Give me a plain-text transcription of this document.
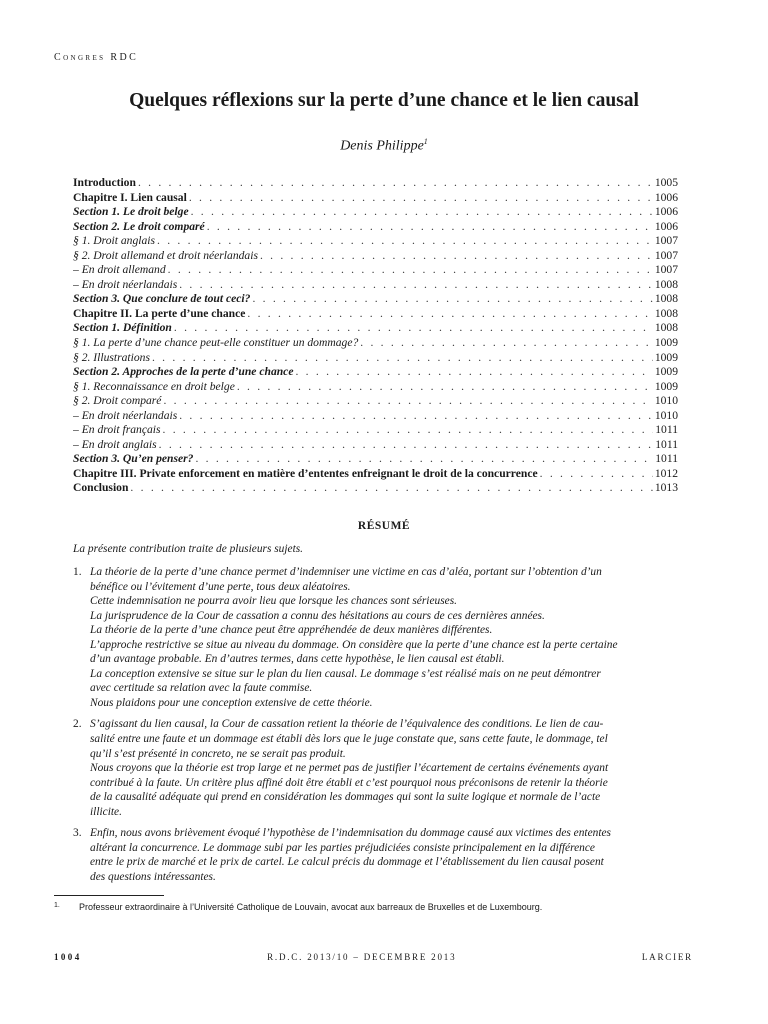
Congres RDC
Quelques réflexions sur la perte d’une chance et le lien causal
Denis Philippe$^1$
Introduction . . .	1005
Chapitre I. Lien causal . . .	1006
Section 1. Le droit belge . . .	1006
Section 2. Le droit comparé . . .	1006
§ 1. Droit anglais . . .	1007
§ 2. Droit allemand et droit néerlandais . . .	1007
– En droit allemand . . .	1007
– En droit néerlandais . . .	1008
Section 3. Que conclure de tout ceci? . . .	1008
Chapitre II. La perte d’une chance . . .	1008
Section 1. Définition . . .	1008
§ 1. La perte d’une chance peut-elle constituer un dommage? . . .	1009
§ 2. Illustrations . . .	1009
Section 2. Approches de la perte d’une chance . . .	1009
§ 1. Reconnaissance en droit belge . . .	1009
§ 2. Droit comparé . . .	1010
– En droit néerlandais . . .	1010
– En droit français . . .	1011
– En droit anglais . . .	1011
Section 3. Qu’en penser? . . .	1011
Chapitre III. Private enforcement en matière d’ententes enfreignant le droit de la concurrence . . .	1012
Conclusion . . .	1013
RÉSUMÉ
La présente contribution traite de plusieurs sujets.
1. La théorie de la perte d’une chance permet d’indemniser une victime en cas d’aléa, portant sur l’obtention d’un
bénéfice ou l’évitement d’une perte, tous deux aléatoires.
Cette indemnisation ne pourra avoir lieu que lorsque les chances sont sérieuses.
La jurisprudence de la Cour de cassation a connu des hésitations au cours de ces dernières années.
La théorie de la perte d’une chance peut être appréhendée de deux manières différentes.
L’approche restrictive se situe au niveau du dommage. On considère que la perte d’une chance est la perte certaine
d’un avantage probable. En d’autres termes, dans cette hypothèse, le lien causal est établi.
La conception extensive se situe sur le plan du lien causal. Le dommage s’est réalisé mais on ne peut démontrer
avec certitude sa relation avec la faute commise.
Nous plaidons pour une conception extensive de cette théorie.
2. S’agissant du lien causal, la Cour de cassation retient la théorie de l’équivalence des conditions. Le lien de cau-
salité entre une faute et un dommage est établi dès lors que le juge constate que, sans cette faute, le dommage, tel
qu’il s’est présenté in concreto, ne se serait pas produit.
Nous croyons que la théorie est trop large et ne permet pas de justifier l’écartement de certains événements ayant
contribué à la faute. Un critère plus affiné doit être établi et c’est pourquoi nous préconisons de retenir la théorie
de la causalité adéquate qui prend en considération les dommages qui sont la suite logique et normale de l’acte
illicite.
3. Enfin, nous avons brièvement évoqué l’hypothèse de l’indemnisation du dommage causé aux victimes des ententes
altérant la concurrence. Le dommage subi par les parties préjudiciées consiste principalement en la différence
entre le prix de marché et le prix de cartel. Le calcul précis du dommage et l’établissement du lien causal posent
des questions intéressantes.
1. Professeur extraordinaire à l’Université Catholique de Louvain, avocat aux barreaux de Bruxelles et de Luxembourg.
1004	R.D.C. 2013/10 – DECEMBRE 2013	LARCIER
